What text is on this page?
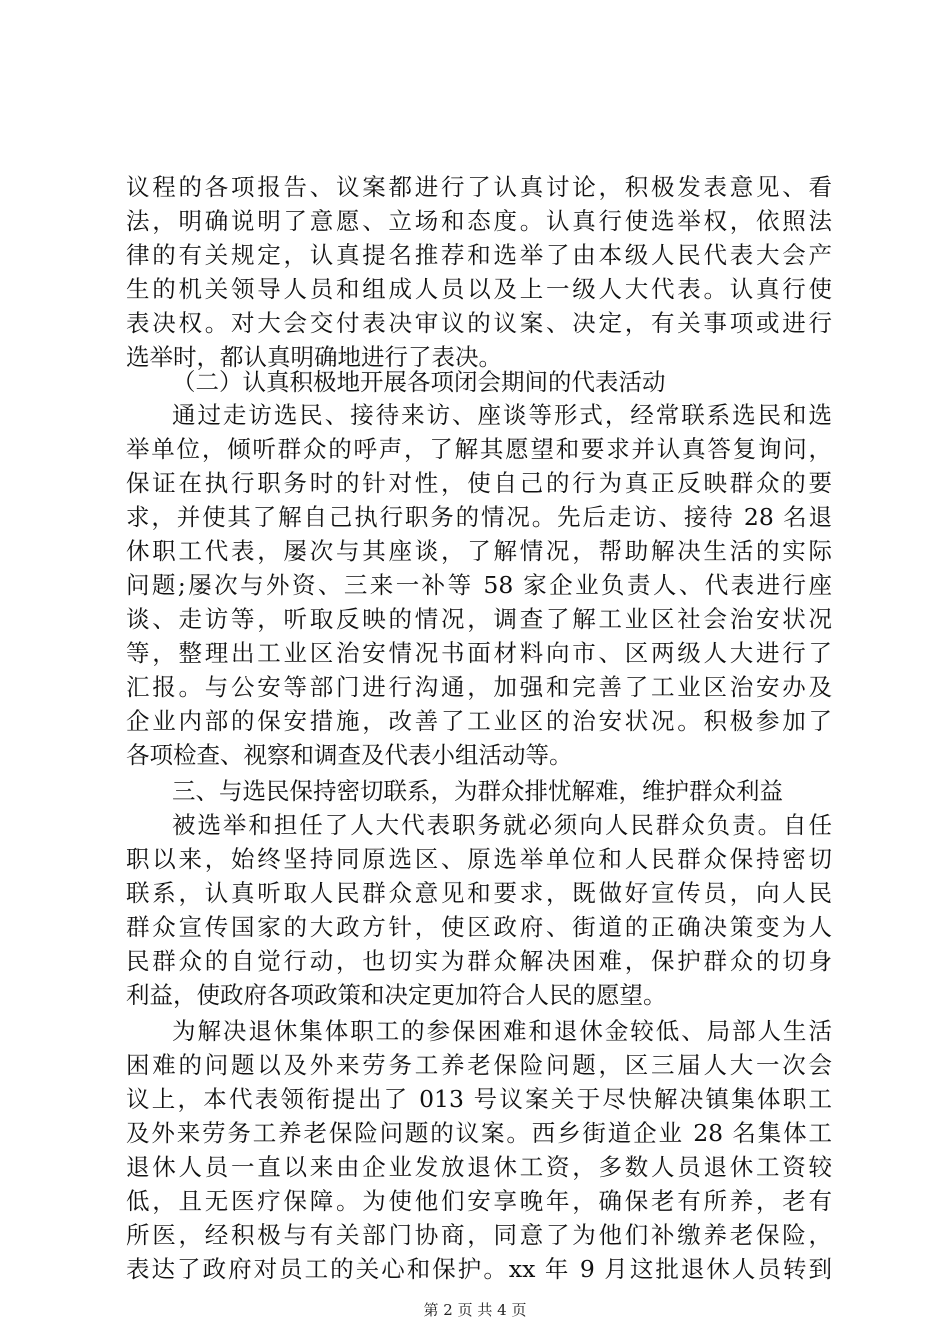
议程的各项报告、议案都进行了认真讨论，积极发表意见、看
法，明确说明了意愿、立场和态度。认真行使选举权，依照法
律的有关规定，认真提名推荐和选举了由本级人民代表大会产
生的机关领导人员和组成人员以及上一级人大代表。认真行使
表决权。对大会交付表决审议的议案、决定，有关事项或进行
选举时，都认真明确地进行了表决。
（二）认真积极地开展各项闭会期间的代表活动
通过走访选民、接待来访、座谈等形式，经常联系选民和选
举单位，倾听群众的呼声，了解其愿望和要求并认真答复询问，
保证在执行职务时的针对性，使自己的行为真正反映群众的要
求，并使其了解自己执行职务的情况。先后走访、接待 28 名退
休职工代表，屡次与其座谈，了解情况，帮助解决生活的实际
问题;屡次与外资、三来一补等 58 家企业负责人、代表进行座
谈、走访等，听取反映的情况，调查了解工业区社会治安状况
等，整理出工业区治安情况书面材料向市、区两级人大进行了
汇报。与公安等部门进行沟通，加强和完善了工业区治安办及
企业内部的保安措施，改善了工业区的治安状况。积极参加了
各项检查、视察和调查及代表小组活动等。
三、与选民保持密切联系，为群众排忧解难，维护群众利益
被选举和担任了人大代表职务就必须向人民群众负责。自任
职以来，始终坚持同原选区、原选举单位和人民群众保持密切
联系，认真听取人民群众意见和要求，既做好宣传员，向人民
群众宣传国家的大政方针，使区政府、街道的正确决策变为人
民群众的自觉行动，也切实为群众解决困难，保护群众的切身
利益，使政府各项政策和决定更加符合人民的愿望。
为解决退休集体职工的参保困难和退休金较低、局部人生活
困难的问题以及外来劳务工养老保险问题，区三届人大一次会
议上，本代表领衔提出了 013 号议案关于尽快解决镇集体职工
及外来劳务工养老保险问题的议案。西乡街道企业 28 名集体工
退休人员一直以来由企业发放退休工资，多数人员退休工资较
低，且无医疗保障。为使他们安享晚年，确保老有所养，老有
所医，经积极与有关部门协商，同意了为他们补缴养老保险，
表达了政府对员工的关心和保护。xx 年 9 月这批退休人员转到
第 2 页 共 4 页
